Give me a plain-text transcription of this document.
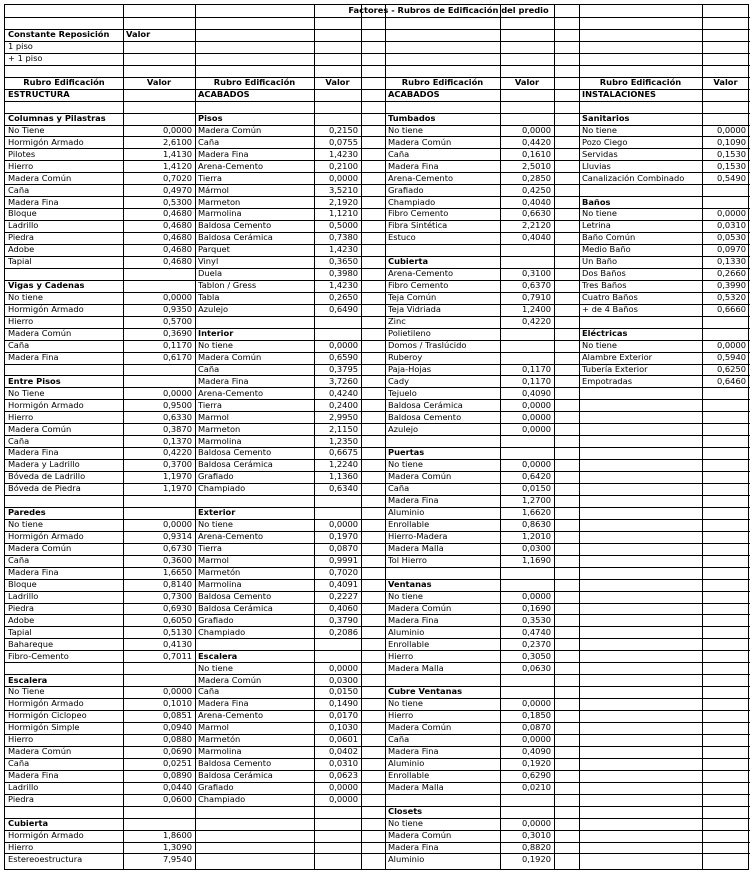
Factores - Rubros de Edificación del predio
Constante Reposición	Valor
1 piso
+ 1 piso
Rubro Edificación	Valor
ESTRUCTURA
Columnas y Pilastras
No Tiene	0,0000
Hormigón Armado	2,6100
Pilotes	1,4130
Hierro	1,4120
Madera Común	0,7020
Caña	0,4970
Madera Fina	0,5300
Bloque	0,4680
Ladrillo	0,4680
Piedra	0,4680
Adobe	0,4680
Tapial	0,4680
Vigas y Cadenas
No tiene	0,0000
Hormigón Armado	0,9350
Hierro	0,5700
Madera Común	0,3690
Caña	0,1170
Madera Fina	0,6170
Entre Pisos
No Tiene	0,0000
Hormigón Armado	0,9500
Hierro	0,6330
Madera Común	0,3870
Caña	0,1370
Madera Fina	0,4220
Madera y Ladrillo	0,3700
Bóveda de Ladrillo	1,1970
Bóveda de Piedra	1,1970
Paredes
No tiene	0,0000
Hormigón Armado	0,9314
Madera Común	0,6730
Caña	0,3600
Madera Fina	1,6650
Bloque	0,8140
Ladrillo	0,7300
Piedra	0,6930
Adobe	0,6050
Tapial	0,5130
Bahareque	0,4130
Fibro-Cemento	0,7011
Escalera
No Tiene	0,0000
Hormigón Armado	0,1010
Hormigón Ciclopeo	0,0851
Hormigón Simple	0,0940
Hierro	0,0880
Madera Común	0,0690
Caña	0,0251
Madera Fina	0,0890
Ladrillo	0,0440
Piedra	0,0600
Cubierta
Hormigón Armado	1,8600
Hierro	1,3090
Estereoestructura	7,9540
Rubro Edificación	Valor
ACABADOS
Pisos
Madera Común	0,2150
Caña	0,0755
Madera Fina	1,4230
Arena-Cemento	0,2100
Tierra	0,0000
Mármol	3,5210
Marmeton	2,1920
Marmolina	1,1210
Baldosa Cemento	0,5000
Baldosa Cerámica	0,7380
Parquet	1,4230
Vinyl	0,3650
Duela	0,3980
Tablon / Gress	1,4230
Tabla	0,2650
Azulejo	0,6490
Interior
No tiene	0,0000
Madera Común	0,6590
Caña	0,3795
Madera Fina	3,7260
Arena-Cemento	0,4240
Tierra	0,2400
Marmol	2,9950
Marmeton	2,1150
Marmolina	1,2350
Baldosa Cemento	0,6675
Baldosa Cerámica	1,2240
Grafiado	1,1360
Champiado	0,6340
Exterior
No tiene	0,0000
Arena-Cemento	0,1970
Tierra	0,0870
Marmol	0,9991
Marmetón	0,7020
Marmolina	0,4091
Baldosa Cemento	0,2227
Baldosa Cerámica	0,4060
Grafiado	0,3790
Champiado	0,2086
Escalera
No tiene	0,0000
Madera Común	0,0300
Caña	0,0150
Madera Fina	0,1490
Arena-Cemento	0,0170
Marmol	0,1030
Marmetón	0,0601
Marmolina	0,0402
Baldosa Cemento	0,0310
Baldosa Cerámica	0,0623
Grafiado	0,0000
Champiado	0,0000
Rubro Edificación	Valor
ACABADOS
Tumbados
No tiene	0,0000
Madera Común	0,4420
Caña	0,1610
Madera Fina	2,5010
Arena-Cemento	0,2850
Grafiado	0,4250
Champiado	0,4040
Fibro Cemento	0,6630
Fibra Sintética	2,2120
Estuco	0,4040
Cubierta
Arena-Cemento	0,3100
Fibro Cemento	0,6370
Teja Común	0,7910
Teja Vidriada	1,2400
Zinc	0,4220
Polietileno
Domos / Traslúcido
Ruberoy
Paja-Hojas	0,1170
Cady	0,1170
Tejuelo	0,4090
Baldosa Cerámica	0,0000
Baldosa Cemento	0,0000
Azulejo	0,0000
Puertas
No tiene	0,0000
Madera Común	0,6420
Caña	0,0150
Madera Fina	1,2700
Aluminio	1,6620
Enrollable	0,8630
Hierro-Madera	1,2010
Madera Malla	0,0300
Tol Hierro	1,1690
Ventanas
No tiene	0,0000
Madera Común	0,1690
Madera Fina	0,3530
Aluminio	0,4740
Enrollable	0,2370
Hierro	0,3050
Madera Malla	0,0630
Cubre Ventanas
No tiene	0,0000
Hierro	0,1850
Madera Común	0,0870
Caña	0,0000
Madera Fina	0,4090
Aluminio	0,1920
Enrollable	0,6290
Madera Malla	0,0210
Closets
No tiene	0,0000
Madera Común	0,3010
Madera Fina	0,8820
Aluminio	0,1920
Rubro Edificación	Valor
INSTALACIONES
Sanitarios
No tiene	0,0000
Pozo Ciego	0,1090
Servidas	0,1530
Lluvias	0,1530
Canalización Combinado	0,5490
Baños
No tiene	0,0000
Letrina	0,0310
Baño Común	0,0530
Medio Baño	0,0970
Un Baño	0,1330
Dos Baños	0,2660
Tres Baños	0,3990
Cuatro Baños	0,5320
+ de 4 Baños	0,6660
Eléctricas
No tiene	0,0000
Alambre Exterior	0,5940
Tubería Exterior	0,6250
Empotradas	0,6460
